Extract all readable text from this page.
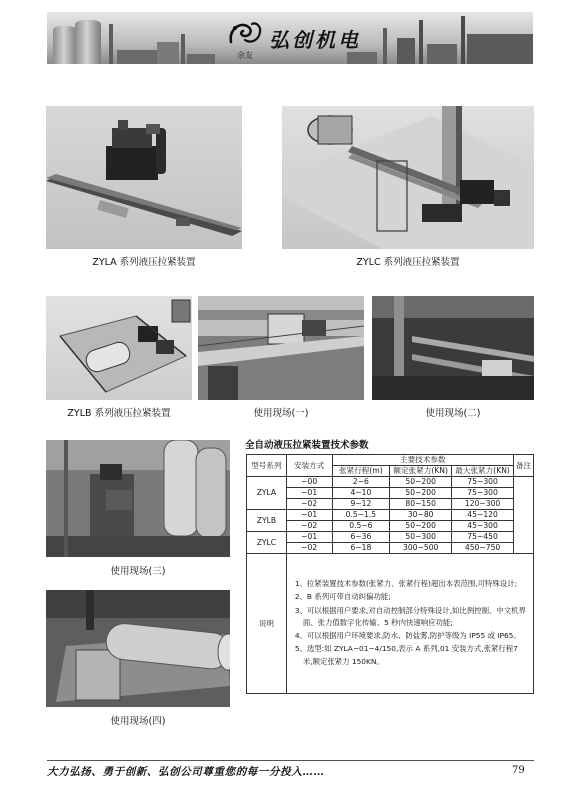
余友
弘创机电
ZYLA 系列液压拉紧装置	ZYLC 系列液压拉紧装置
ZYLB 系列液压拉紧装置	使用现场(一)	使用现场(二)
使用现场(三)
使用现场(四)
全自动液压拉紧装置技术参数
型号系列	安装方式	主要技术参数			备注
		张紧行程(m)	额定张紧力(KN)	最大张紧力(KN)	
ZYLA	−00	2~6	50~200	75~300	
	−01	4~10	50~200	75~300	
	−02	9~12	80~150	120~300	
ZYLB	−01	0.5~1.5	30~80	45~120	
	−02	0.5~6	50~200	45~300	
ZYLC	−01	6~36	50~300	75~450	
	−02	6~18	300~500	450~750	
说明	1、拉紧装置技术参数(张紧力、张紧行程)超出本表范围,可特殊设计;
2、B 系列可带自动纠偏功能;
3、可以根据用户要求,对自动控制部分特殊设计,如比例控制、中文机界面、张力值数字化传输、5 秒内快速响应功能;
4、可以根据用户环境要求,防水、防盐雾,防护等级为 IP55 或 IP65。
5、选型:如 ZYLA−01−4/150,表示 A 系列,01 安装方式,张紧行程7米,额定张紧力 150KN。				
大力弘扬、勇于创新、弘创公司尊重您的每一分投入……	79
